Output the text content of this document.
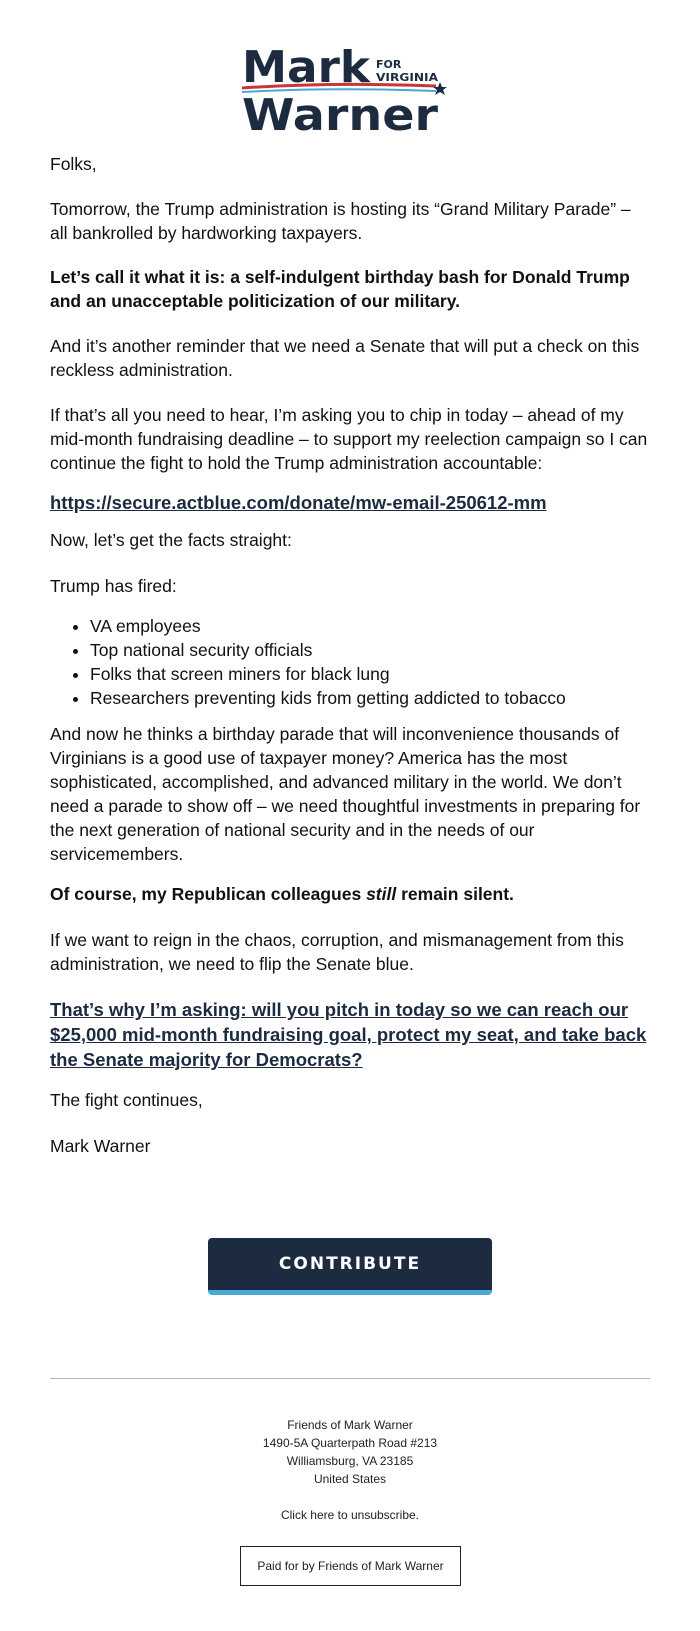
Mark FOR
VIRGINIA
Warner

Folks,

Tomorrow, the Trump administration is hosting its “Grand Military Parade” – all bankrolled by hardworking taxpayers.

Let’s call it what it is: a self-indulgent birthday bash for Donald Trump and an unacceptable politicization of our military.

And it’s another reminder that we need a Senate that will put a check on this reckless administration.

If that’s all you need to hear, I’m asking you to chip in today – ahead of my mid-month fundraising deadline – to support my reelection campaign so I can continue the fight to hold the Trump administration accountable:

https://secure.actblue.com/donate/mw-email-250612-mm

Now, let’s get the facts straight:

Trump has fired:

• VA employees
• Top national security officials
• Folks that screen miners for black lung
• Researchers preventing kids from getting addicted to tobacco

And now he thinks a birthday parade that will inconvenience thousands of Virginians is a good use of taxpayer money? America has the most sophisticated, accomplished, and advanced military in the world. We don’t need a parade to show off – we need thoughtful investments in preparing for the next generation of national security and in the needs of our servicemembers.

Of course, my Republican colleagues still remain silent.

If we want to reign in the chaos, corruption, and mismanagement from this administration, we need to flip the Senate blue.

That’s why I’m asking: will you pitch in today so we can reach our $25,000 mid-month fundraising goal, protect my seat, and take back the Senate majority for Democrats?

The fight continues,

Mark Warner

CONTRIBUTE
Friends of Mark Warner
1490-5A Quarterpath Road #213
Williamsburg, VA 23185
United States
Click here to unsubscribe.
Paid for by Friends of Mark Warner
